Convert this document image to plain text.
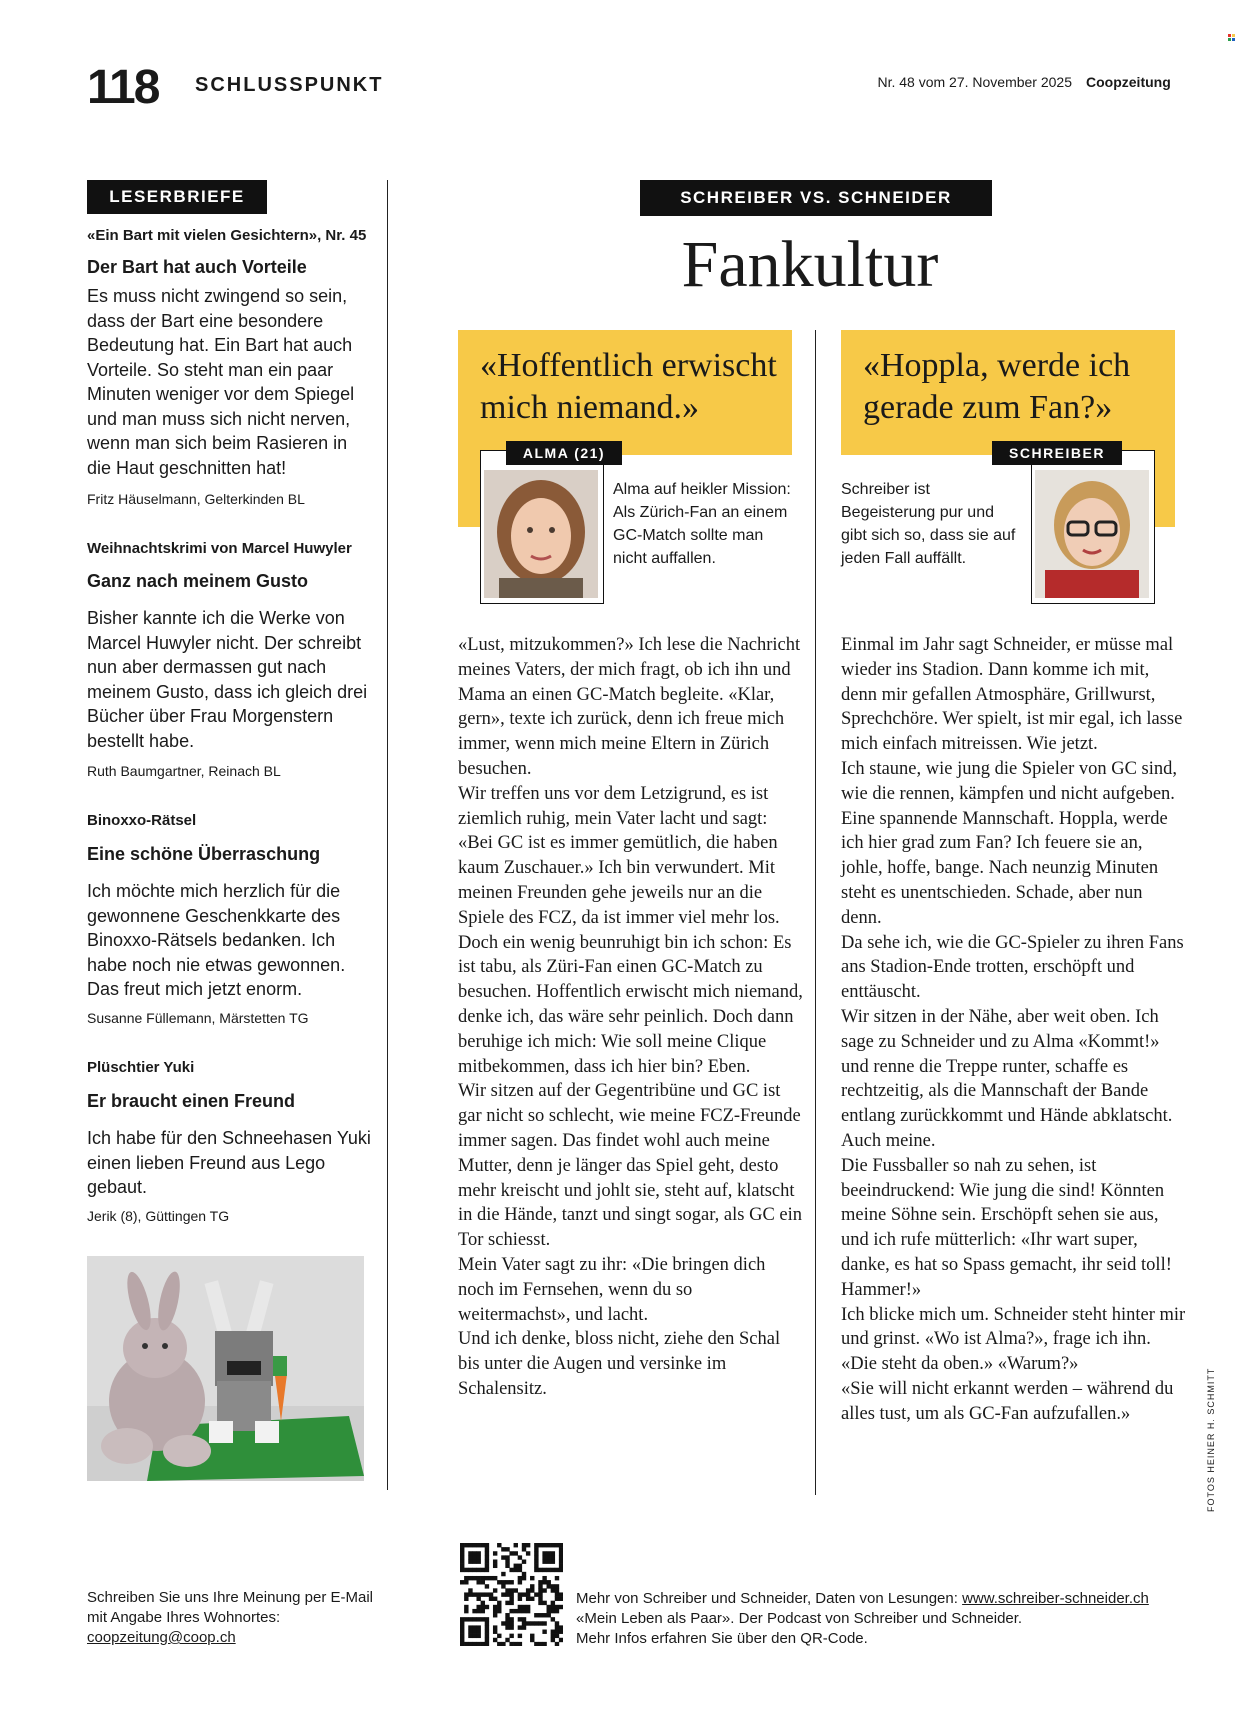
118 SCHLUSSPUNKT	Nr. 48 vom 27. November 2025 Coopzeitung
LESERBRIEFE
«Ein Bart mit vielen Gesichtern», Nr. 45
Der Bart hat auch Vorteile
Es muss nicht zwingend so sein, dass der Bart eine besondere Bedeutung hat. Ein Bart hat auch Vorteile. So steht man ein paar Minuten weniger vor dem Spiegel und man muss sich nicht nerven, wenn man sich beim Rasieren in die Haut geschnitten hat!
Fritz Häuselmann, Gelterkinden BL
Weihnachtskrimi von Marcel Huwyler
Ganz nach meinem Gusto
Bisher kannte ich die Werke von Marcel Huwyler nicht. Der schreibt nun aber dermassen gut nach meinem Gusto, dass ich gleich drei Bücher über Frau Morgenstern bestellt habe.
Ruth Baumgartner, Reinach BL
Binoxxo-Rätsel
Eine schöne Überraschung
Ich möchte mich herzlich für die gewonnene Geschenkkarte des Binoxxo-Rätsels bedanken. Ich habe noch nie etwas gewonnen. Das freut mich jetzt enorm.
Susanne Füllemann, Märstetten TG
Plüschtier Yuki
Er braucht einen Freund
Ich habe für den Schneehasen Yuki einen lieben Freund aus Lego gebaut.
Jerik (8), Güttingen TG
Schreiben Sie uns Ihre Meinung per E-Mail
mit Angabe Ihres Wohnortes:
coopzeitung@coop.ch
SCHREIBER VS. SCHNEIDER
Fankultur
«Hoffentlich erwischt mich niemand.»
ALMA (21)
Alma auf heikler Mission: Als Zürich-Fan an einem GC-Match sollte man nicht auffallen.
«Hoppla, werde ich gerade zum Fan?»
SCHREIBER
Schreiber ist Begeisterung pur und gibt sich so, dass sie auf jeden Fall auffällt.

«Lust, mitzukommen?» Ich lese die Nachricht meines Vaters, der mich fragt, ob ich ihn und Mama an einen GC-Match begleite. «Klar, gern», texte ich zurück, denn ich freue mich immer, wenn mich meine Eltern in Zürich besuchen.

Wir treffen uns vor dem Letzigrund, es ist ziemlich ruhig, mein Vater lacht und sagt: «Bei GC ist es immer gemütlich, die haben kaum Zuschauer.» Ich bin verwundert. Mit meinen Freunden gehe jeweils nur an die Spiele des FCZ, da ist immer viel mehr los. Doch ein wenig beunruhigt bin ich schon: Es ist tabu, als Züri-Fan einen GC-Match zu besuchen. Hoffentlich erwischt mich niemand, denke ich, das wäre sehr peinlich. Doch dann beruhige ich mich: Wie soll meine Clique mitbekommen, dass ich hier bin? Eben.

Wir sitzen auf der Gegentribüne und GC ist gar nicht so schlecht, wie meine FCZ-Freunde immer sagen. Das findet wohl auch meine Mutter, denn je länger das Spiel geht, desto mehr kreischt und johlt sie, steht auf, klatscht in die Hände, tanzt und singt sogar, als GC ein Tor schiesst.

Mein Vater sagt zu ihr: «Die bringen dich noch im Fernsehen, wenn du so weitermachst», und lacht.

Und ich denke, bloss nicht, ziehe den Schal bis unter die Augen und versinke im Schalensitz.

Einmal im Jahr sagt Schneider, er müsse mal wieder ins Stadion. Dann komme ich mit, denn mir gefallen Atmosphäre, Grillwurst, Sprechchöre. Wer spielt, ist mir egal, ich lasse mich einfach mitreissen. Wie jetzt.

Ich staune, wie jung die Spieler von GC sind, wie die rennen, kämpfen und nicht aufgeben. Eine spannende Mannschaft. Hoppla, werde ich hier grad zum Fan? Ich feuere sie an, johle, hoffe, bange. Nach neunzig Minuten steht es unentschieden. Schade, aber nun denn.

Da sehe ich, wie die GC-Spieler zu ihren Fans ans Stadion-Ende trotten, erschöpft und enttäuscht.

Wir sitzen in der Nähe, aber weit oben. Ich sage zu Schneider und zu Alma «Kommt!» und renne die Treppe runter, schaffe es rechtzeitig, als die Mannschaft der Bande entlang zurückkommt und Hände abklatscht. Auch meine.

Die Fussballer so nah zu sehen, ist beeindruckend: Wie jung die sind! Könnten meine Söhne sein. Erschöpft sehen sie aus, und ich rufe mütterlich: «Ihr wart super, danke, es hat so Spass gemacht, ihr seid toll! Hammer!»

Ich blicke mich um. Schneider steht hinter mir und grinst. «Wo ist Alma?», frage ich ihn. «Die steht da oben.» «Warum?»

«Sie will nicht erkannt werden – während du alles tust, um als GC-Fan aufzufallen.»

Mehr von Schreiber und Schneider, Daten von Lesungen: www.schreiber-schneider.ch
«Mein Leben als Paar». Der Podcast von Schreiber und Schneider.
Mehr Infos erfahren Sie über den QR-Code.
FOTOS HEINER H. SCHMITT
